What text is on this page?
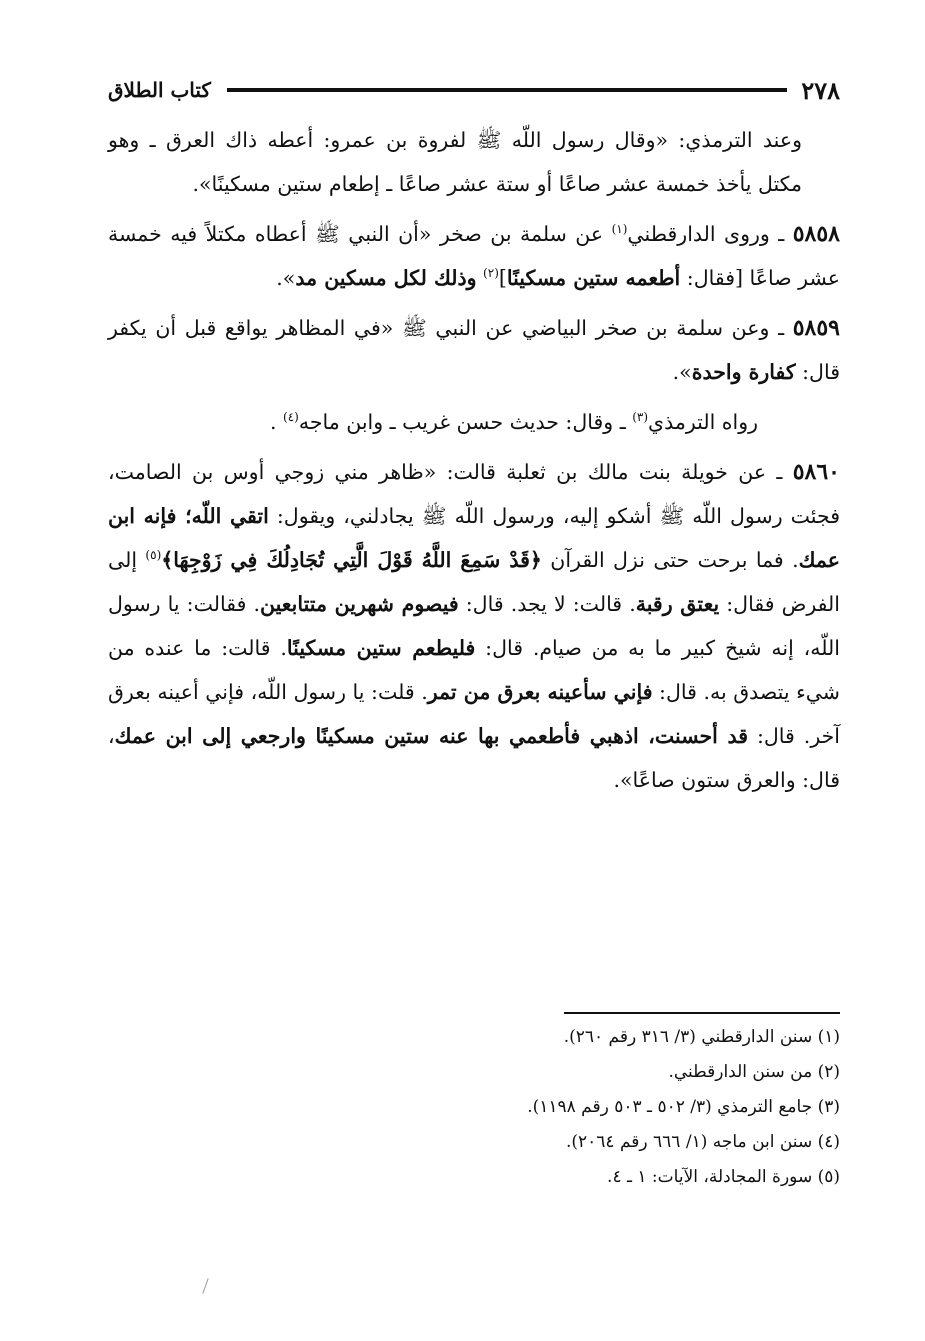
٢٧٨
كتاب الطلاق

وعند الترمذي: «وقال رسول اللّه ﷺ لفروة بن عمرو: أعطه ذاك العرق ـ وهو مكتل يأخذ خمسة عشر صاعًا أو ستة عشر صاعًا ـ إطعام ستين مسكينًا».

٥٨٥٨ ـ وروى الدارقطني$^{(١)}$ عن سلمة بن صخر «أن النبي ﷺ أعطاه مكتلاً فيه خمسة عشر صاعًا [فقال: أطعمه ستين مسكينًا]$^{(٢)}$ وذلك لكل مسكين مد».

٥٨٥٩ ـ وعن سلمة بن صخر البياضي عن النبي ﷺ «في المظاهر يواقع قبل أن يكفر قال: كفارة واحدة».

رواه الترمذي$^{(٣)}$ ـ وقال: حديث حسن غريب ـ وابن ماجه$^{(٤)}$ .

٥٨٦٠ ـ عن خويلة بنت مالك بن ثعلبة قالت: «ظاهر مني زوجي أوس بن الصامت، فجئت رسول اللّه ﷺ أشكو إليه، ورسول اللّه ﷺ يجادلني، ويقول: اتقي اللّه؛ فإنه ابن عمك. فما برحت حتى نزل القرآن ﴿قَدْ سَمِعَ اللَّهُ قَوْلَ الَّتِي تُجَادِلُكَ فِي زَوْجِهَا﴾$^{(٥)}$ إلى الفرض فقال: يعتق رقبة. قالت: لا يجد. قال: فيصوم شهرين متتابعين. فقالت: يا رسول اللّه، إنه شيخ كبير ما به من صيام. قال: فليطعم ستين مسكينًا. قالت: ما عنده من شيء يتصدق به. قال: فإني سأعينه بعرق من تمر. قلت: يا رسول اللّه، فإني أعينه بعرق آخر. قال: قد أحسنت، اذهبي فأطعمي بها عنه ستين مسكينًا وارجعي إلى ابن عمك، قال: والعرق ستون صاعًا».

(١) سنن الدارقطني (٣/ ٣١٦ رقم ٢٦٠).

(٢) من سنن الدارقطني.

(٣) جامع الترمذي (٣/ ٥٠٢ ـ ٥٠٣ رقم ١١٩٨).

(٤) سنن ابن ماجه (١/ ٦٦٦ رقم ٢٠٦٤).

(٥) سورة المجادلة، الآيات: ١ ـ ٤.
